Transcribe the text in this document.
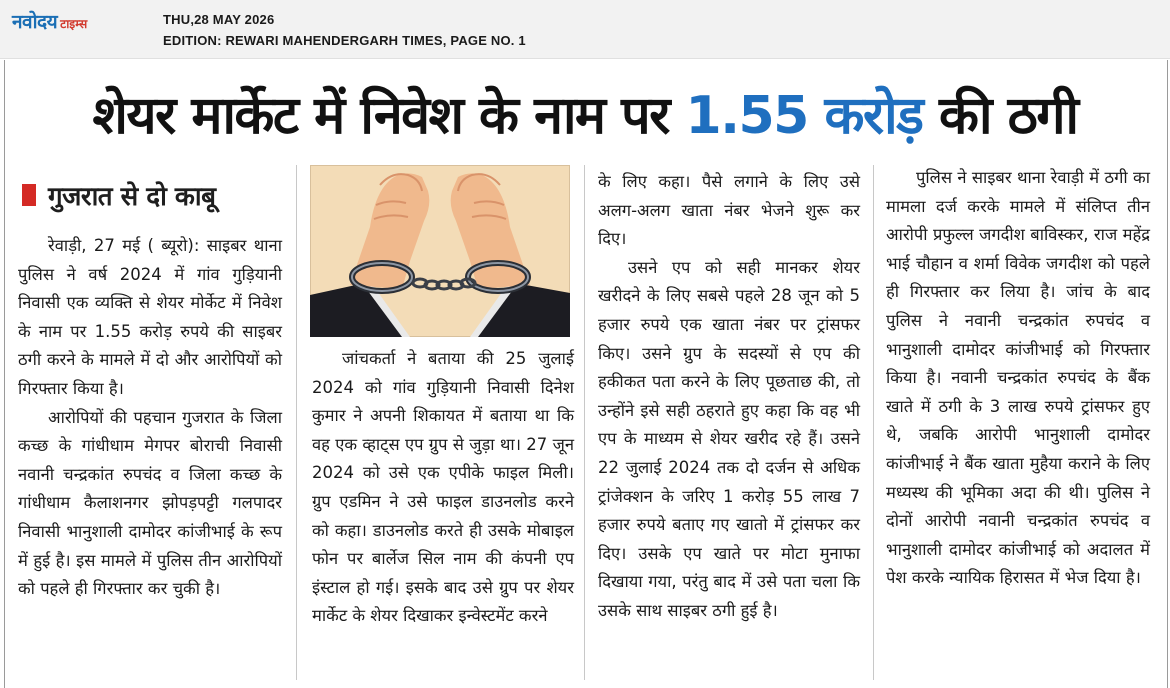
नवोदय टाइम्स	THU,28 MAY 2026
EDITION: REWARI MAHENDERGARH TIMES, PAGE NO. 1
शेयर मार्केट में निवेश के नाम पर 1.55 करोड़ की ठगी
गुजरात से दो काबू

रेवाड़ी, 27 मई ( ब्यूरो): साइबर थाना पुलिस ने वर्ष 2024 में गांव गुड़ियानी निवासी एक व्यक्ति से शेयर मोर्केट में निवेश के नाम पर 1.55 करोड़ रुपये की साइबर ठगी करने के मामले में दो और आरोपियों को गिरफ्तार किया है।

आरोपियों की पहचान गुजरात के जिला कच्छ के गांधीधाम मेगपर बोराची निवासी नवानी चन्द्रकांत रुपचंद व जिला कच्छ के गांधीधाम कैलाशनगर झोपड़पट्टी गलपादर निवासी भानुशाली दामोदर कांजीभाई के रूप में हुई है। इस मामले में पुलिस तीन आरोपियों को पहले ही गिरफ्तार कर चुकी है।

जांचकर्ता ने बताया की 25 जुलाई 2024 को गांव गुड़ियानी निवासी दिनेश कुमार ने अपनी शिकायत में बताया था कि वह एक व्हाट्स एप ग्रुप से जुड़ा था। 27 जून 2024 को उसे एक एपीके फाइल मिली। ग्रुप एडमिन ने उसे फाइल डाउनलोड करने को कहा। डाउनलोड करते ही उसके मोबाइल फोन पर बार्लेज सिल नाम की कंपनी एप इंस्टाल हो गई। इसके बाद उसे ग्रुप पर शेयर मार्केट के शेयर दिखाकर इन्वेस्टमेंट करने

के लिए कहा। पैसे लगाने के लिए उसे अलग-अलग खाता नंबर भेजने शुरू कर दिए।

उसने एप को सही मानकर शेयर खरीदने के लिए सबसे पहले 28 जून को 5 हजार रुपये एक खाता नंबर पर ट्रांसफर किए। उसने ग्रुप के सदस्यों से एप की हकीकत पता करने के लिए पूछताछ की, तो उन्होंने इसे सही ठहराते हुए कहा कि वह भी एप के माध्यम से शेयर खरीद रहे हैं। उसने 22 जुलाई 2024 तक दो दर्जन से अधिक ट्रांजेक्शन के जरिए 1 करोड़ 55 लाख 7 हजार रुपये बताए गए खातो में ट्रांसफर कर दिए। उसके एप खाते पर मोटा मुनाफा दिखाया गया, परंतु बाद में उसे पता चला कि उसके साथ साइबर ठगी हुई है।

पुलिस ने साइबर थाना रेवाड़ी में ठगी का मामला दर्ज करके मामले में संलिप्त तीन आरोपी प्रफुल्ल जगदीश बाविस्कर, राज महेंद्र भाई चौहान व शर्मा विवेक जगदीश को पहले ही गिरफ्तार कर लिया है। जांच के बाद पुलिस ने नवानी चन्द्रकांत रुपचंद व भानुशाली दामोदर कांजीभाई को गिरफ्तार किया है। नवानी चन्द्रकांत रुपचंद के बैंक खाते में ठगी के 3 लाख रुपये ट्रांसफर हुए थे, जबकि आरोपी भानुशाली दामोदर कांजीभाई ने बैंक खाता मुहैया कराने के लिए मध्यस्थ की भूमिका अदा की थी। पुलिस ने दोनों आरोपी नवानी चन्द्रकांत रुपचंद व भानुशाली दामोदर कांजीभाई को अदालत में पेश करके न्यायिक हिरासत में भेज दिया है।
